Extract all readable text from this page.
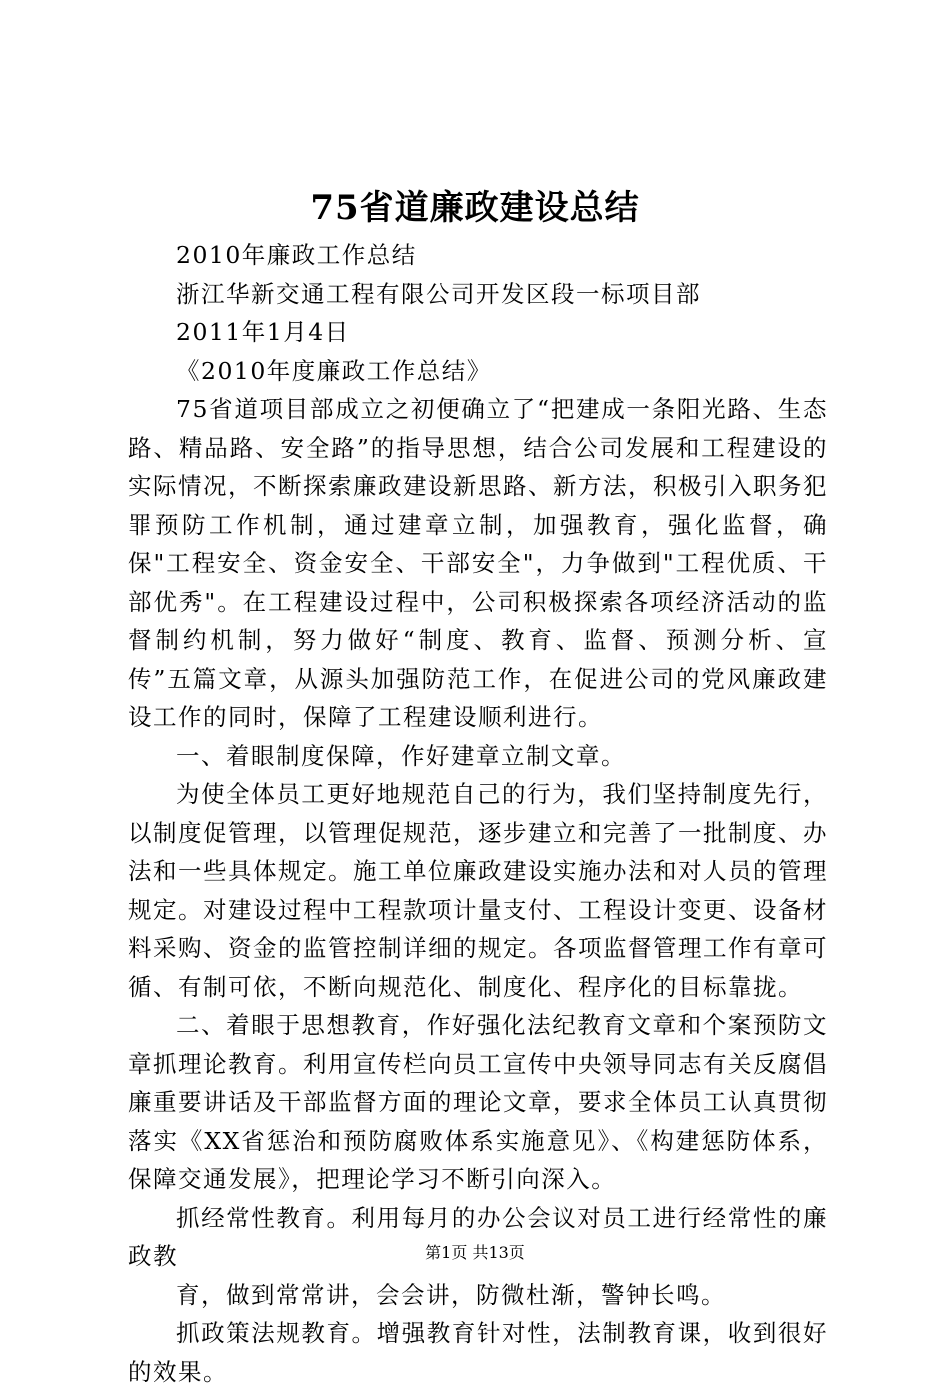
75省道廉政建设总结

2010年廉政工作总结

浙江华新交通工程有限公司开发区段一标项目部

2011年1月4日

《2010年度廉政工作总结》

75省道项目部成立之初便确立了“把建成一条阳光路、生态路、精品路、安全路”的指导思想，结合公司发展和工程建设的实际情况，不断探索廉政建设新思路、新方法，积极引入职务犯罪预防工作机制，通过建章立制，加强教育，强化监督，确保"工程安全、资金安全、干部安全"，力争做到"工程优质、干部优秀"。在工程建设过程中，公司积极探索各项经济活动的监督制约机制，努力做好“制度、教育、监督、预测分析、宣传”五篇文章，从源头加强防范工作，在促进公司的党风廉政建设工作的同时，保障了工程建设顺利进行。

一、着眼制度保障，作好建章立制文章。

为使全体员工更好地规范自己的行为，我们坚持制度先行，以制度促管理，以管理促规范，逐步建立和完善了一批制度、办法和一些具体规定。施工单位廉政建设实施办法和对人员的管理规定。对建设过程中工程款项计量支付、工程设计变更、设备材料采购、资金的监管控制详细的规定。各项监督管理工作有章可循、有制可依，不断向规范化、制度化、程序化的目标靠拢。

二、着眼于思想教育，作好强化法纪教育文章和个案预防文章抓理论教育。利用宣传栏向员工宣传中央领导同志有关反腐倡廉重要讲话及干部监督方面的理论文章，要求全体员工认真贯彻落实《XX省惩治和预防腐败体系实施意见》、《构建惩防体系，保障交通发展》，把理论学习不断引向深入。

抓经常性教育。利用每月的办公会议对员工进行经常性的廉政教

育，做到常常讲，会会讲，防微杜渐，警钟长鸣。

抓政策法规教育。增强教育针对性，法制教育课，收到很好的效果。

第1页 共13页
